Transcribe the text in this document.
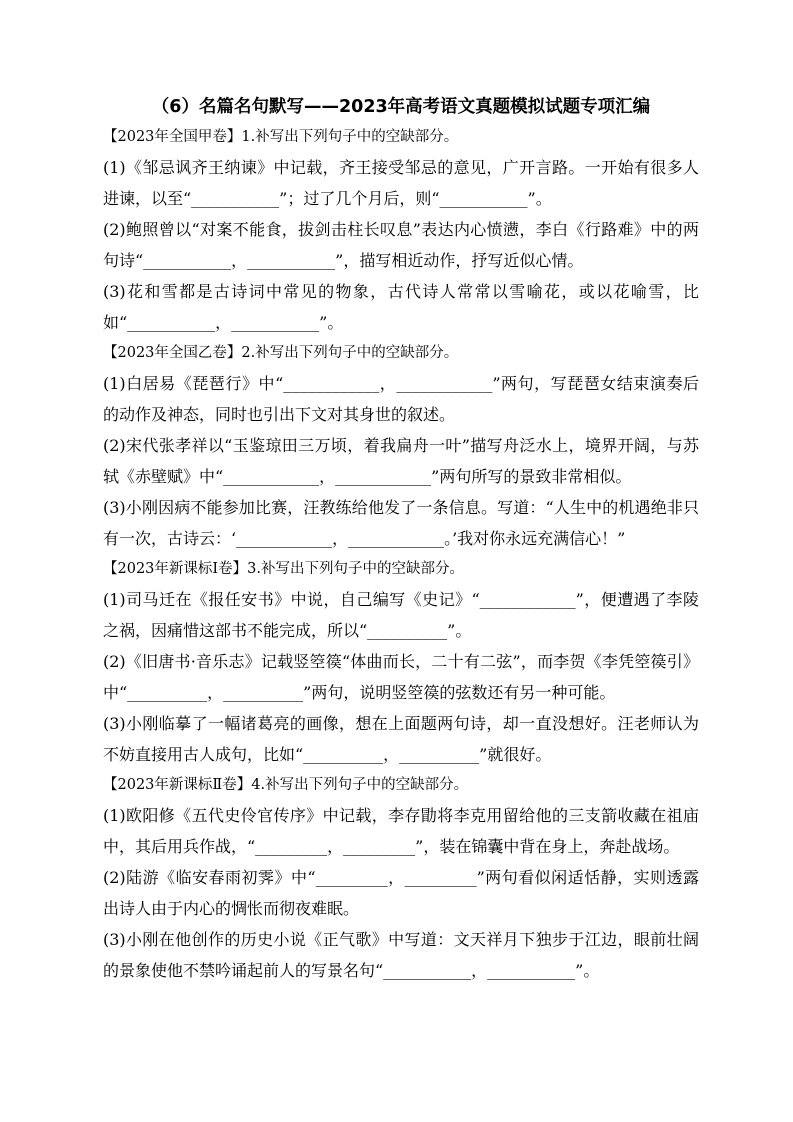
（6）名篇名句默写——2023年高考语文真题模拟试题专项汇编
【2023年全国甲卷】1.补写出下列句子中的空缺部分。

(1)《邹忌讽齐王纳谏》中记载，齐王接受邹忌的意见，广开言路。一开始有很多人进谏，以至“___________”；过了几个月后，则“___________”。

(2)鲍照曾以“对案不能食，拔剑击柱长叹息”表达内心愤懑，李白《行路难》中的两句诗“___________，___________”，描写相近动作，抒写近似心情。

(3)花和雪都是古诗词中常见的物象，古代诗人常常以雪喻花，或以花喻雪，比如“___________，___________”。

【2023年全国乙卷】2.补写出下列句子中的空缺部分。

(1)白居易《琵琶行》中“____________，____________”两句，写琵琶女结束演奏后的动作及神态，同时也引出下文对其身世的叙述。

(2)宋代张孝祥以“玉鉴琼田三万顷，着我扁舟一叶”描写舟泛水上，境界开阔，与苏轼《赤壁赋》中“____________，____________”两句所写的景致非常相似。

(3)小刚因病不能参加比赛，汪教练给他发了一条信息。写道：“人生中的机遇绝非只有一次，古诗云：‘____________，____________。’我对你永远充满信心！”

【2023年新课标Ⅰ卷】3.补写出下列句子中的空缺部分。

(1)司马迁在《报任安书》中说，自己编写《史记》“____________”，便遭遇了李陵之祸，因痛惜这部书不能完成，所以“__________”。

(2)《旧唐书·音乐志》记载竖箜篌“体曲而长，二十有二弦”，而李贺《李凭箜篌引》中“__________，__________”两句，说明竖箜篌的弦数还有另一种可能。

(3)小刚临摹了一幅诸葛亮的画像，想在上面题两句诗，却一直没想好。汪老师认为不妨直接用古人成句，比如“__________，__________”就很好。

【2023年新课标Ⅱ卷】4.补写出下列句子中的空缺部分。

(1)欧阳修《五代史伶官传序》中记载，李存勖将李克用留给他的三支箭收藏在祖庙中，其后用兵作战，“_________，_________”，装在锦囊中背在身上，奔赴战场。

(2)陆游《临安春雨初霁》中“_________，_________”两句看似闲适恬静，实则透露出诗人由于内心的惆怅而彻夜难眠。

(3)小刚在他创作的历史小说《正气歌》中写道：文天祥月下独步于江边，眼前壮阔的景象使他不禁吟诵起前人的写景名句“___________，___________”。
